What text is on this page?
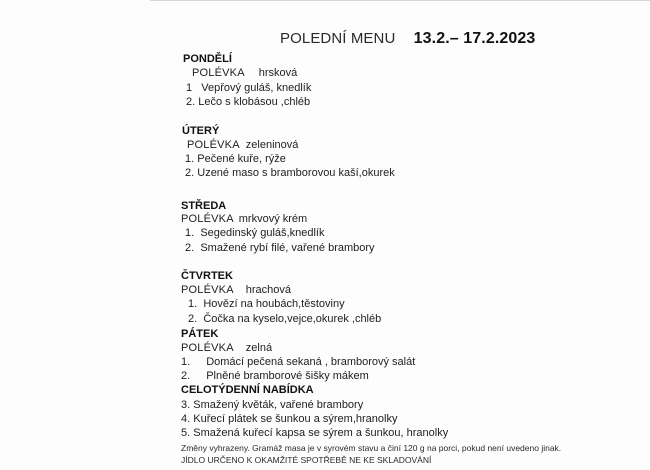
POLEDNÍ MENU 13.2.– 17.2.2023
PONDĚLÍ
POLÉVKA hrsková
1 Vepřový guláš, knedlík
2. Lečo s klobásou ,chléb
ÚTERÝ
POLÉVKA zeleninová
1. Pečené kuře, rýže
2. Uzené maso s bramborovou kaší,okurek
STŘEDA
POLÉVKA mrkvový krém
1. Segedinský guláš,knedlík
2. Smažené rybí filé, vařené brambory
ČTVRTEK
POLÉVKA hrachová
1. Hovězí na houbách,těstoviny
2. Čočka na kyselo,vejce,okurek ,chléb
PÁTEK
POLÉVKA zelná
1. Domácí pečená sekaná , bramborový salát
2. Plněné bramborové šišky mákem
CELOTÝDENNÍ NABÍDKA
3. Smažený květák, vařené brambory
4. Kuřecí plátek se šunkou a sýrem,hranolky
5. Smažená kuřecí kapsa se sýrem a šunkou, hranolky
Změny vyhrazeny. Gramáž masa je v syrovém stavu a činí 120 g na porci, pokud není uvedeno jinak.
JÍDLO URČENO K OKAMŽITÉ SPOTŘEBĚ NE KE SKLADOVÁNÍ
